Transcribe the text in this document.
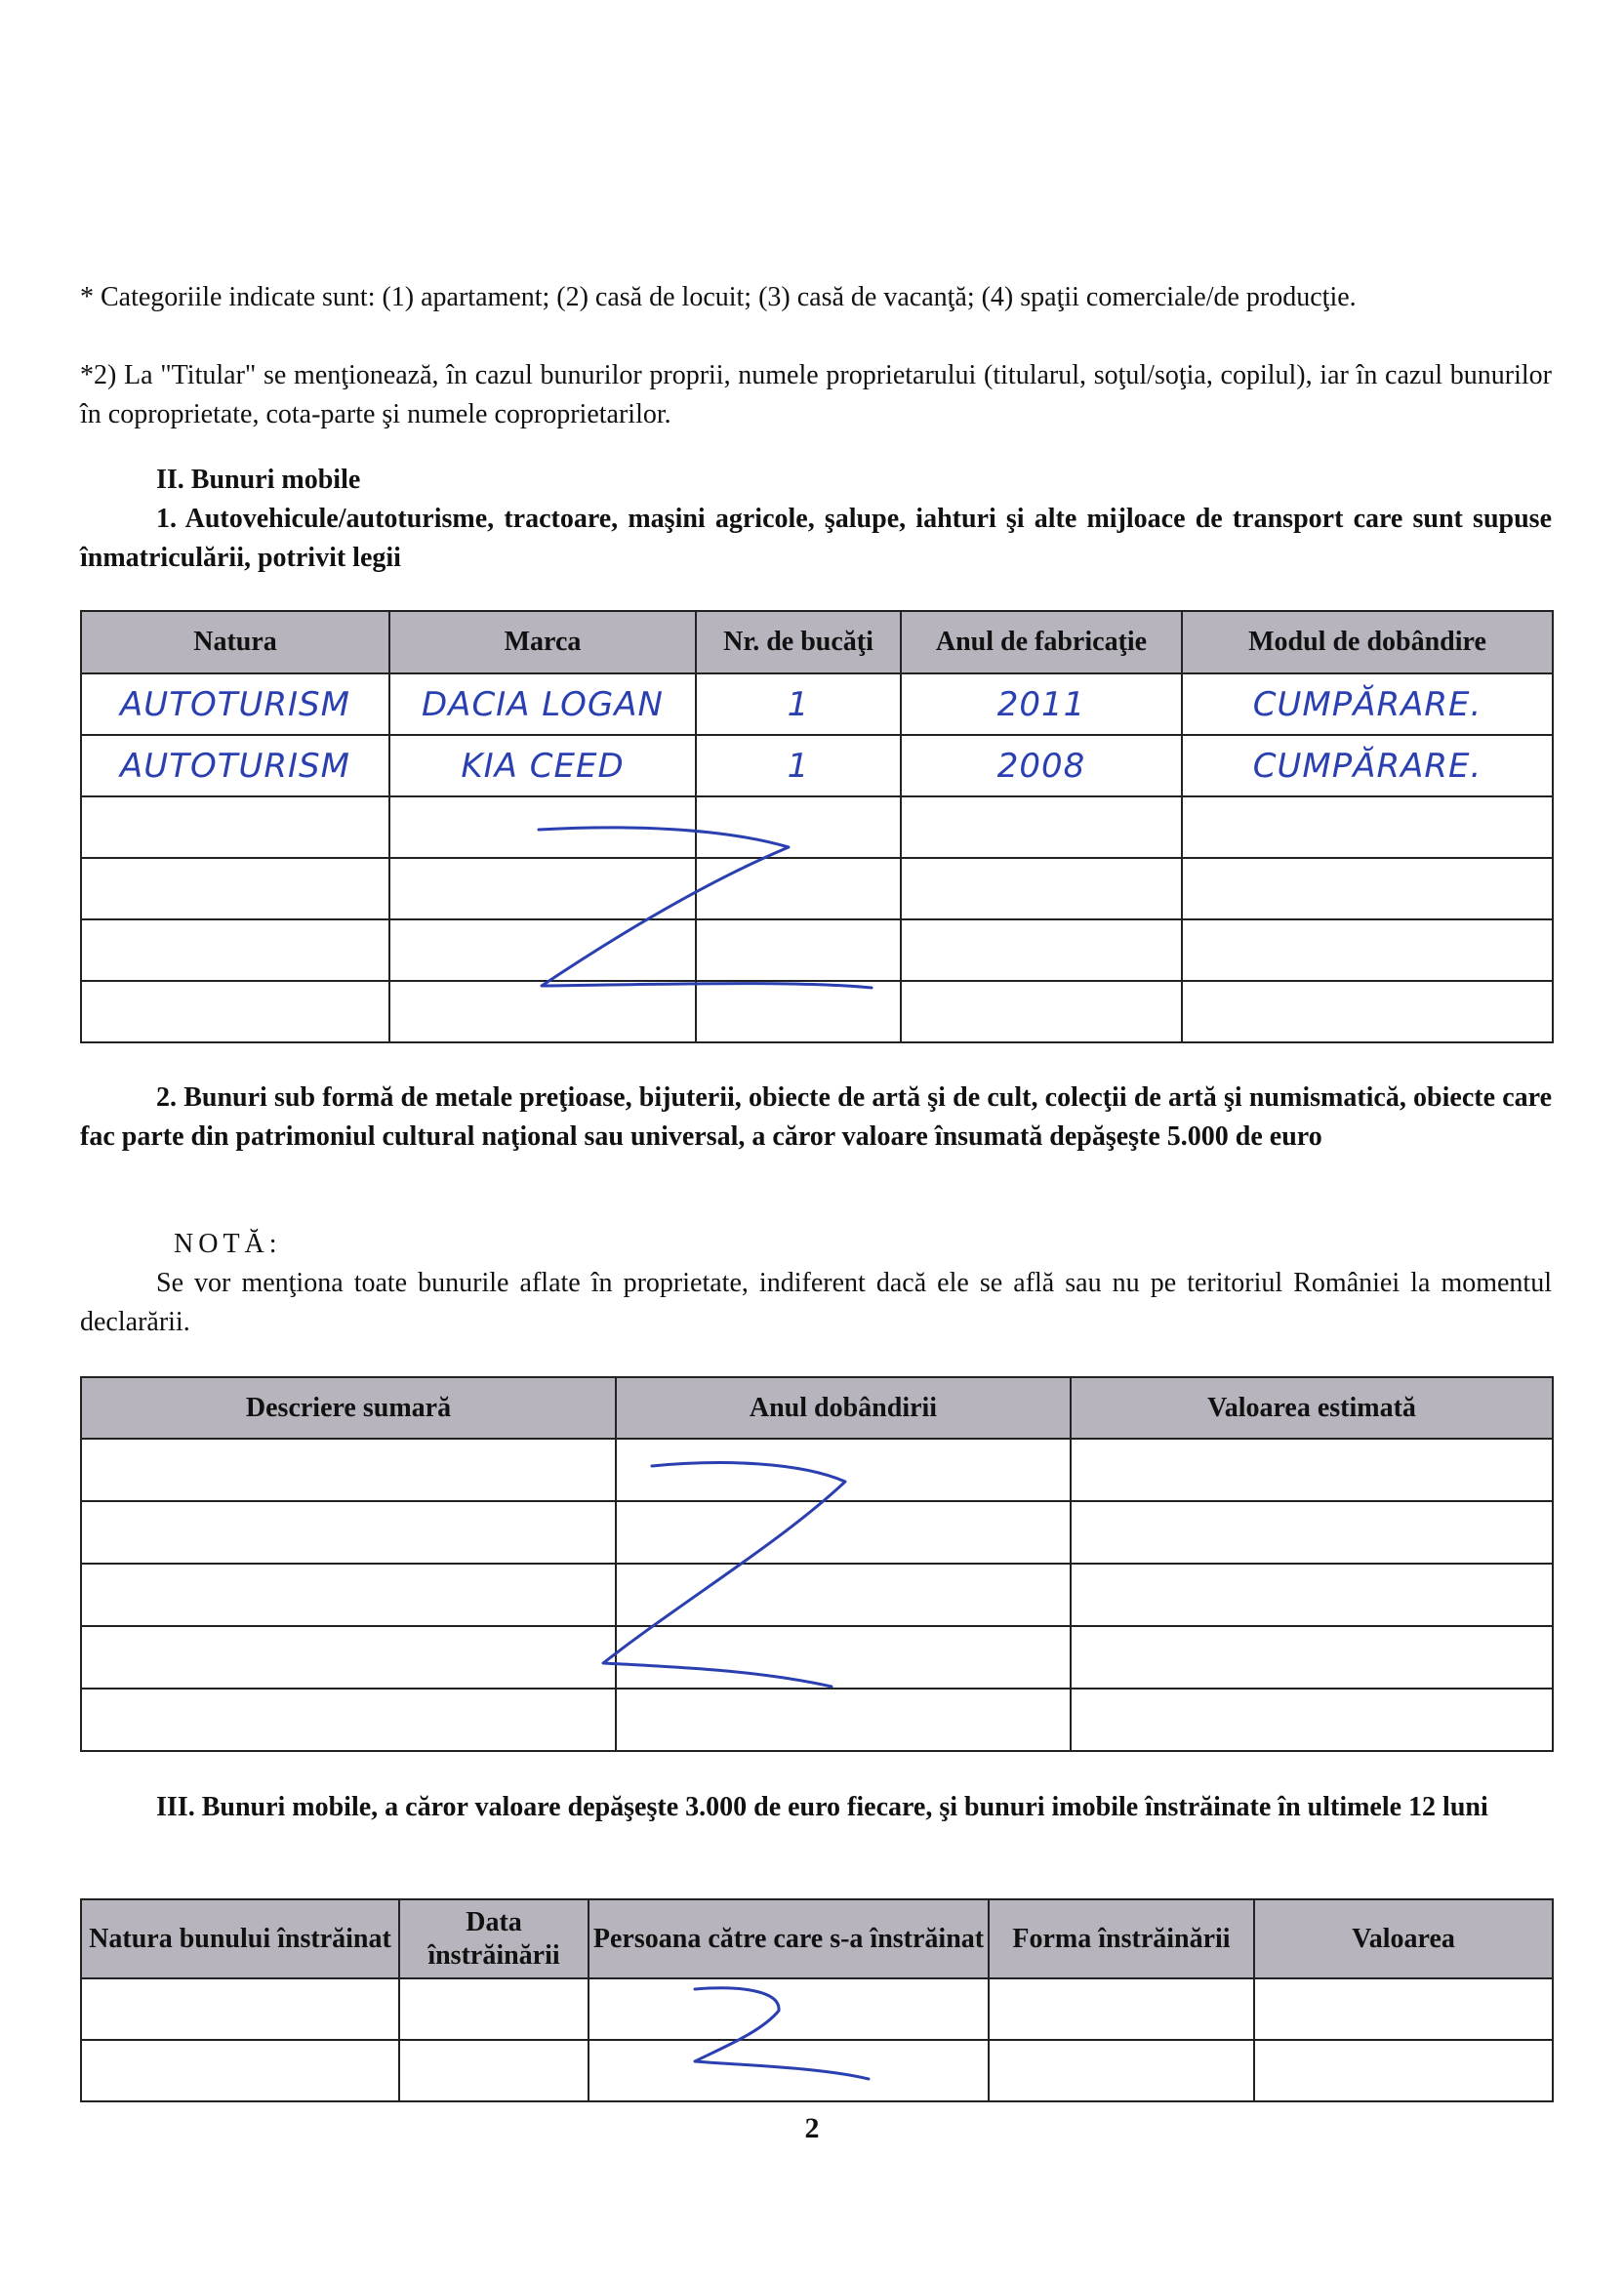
* Categoriile indicate sunt: (1) apartament; (2) casă de locuit; (3) casă de vacanţă; (4) spaţii comerciale/de producţie.
*2) La "Titular" se menţionează, în cazul bunurilor proprii, numele proprietarului (titularul, soţul/soţia, copilul), iar în cazul bunurilor în coproprietate, cota-parte şi numele coproprietarilor.
II. Bunuri mobile
1. Autovehicule/autoturisme, tractoare, maşini agricole, şalupe, iahturi şi alte mijloace de transport care sunt supuse înmatriculării, potrivit legii
Natura	Marca	Nr. de bucăţi	Anul de fabricaţie	Modul de dobândire
AUTOTURISM	DACIA LOGAN	1	2011	CUMPĂRARE.
AUTOTURISM	KIA CEED	1	2008	CUMPĂRARE.

2. Bunuri sub formă de metale preţioase, bijuterii, obiecte de artă şi de cult, colecţii de artă şi numismatică, obiecte care fac parte din patrimoniul cultural naţional sau universal, a căror valoare însumată depăşeşte 5.000 de euro
NOTĂ:
Se vor menţiona toate bunurile aflate în proprietate, indiferent dacă ele se află sau nu pe teritoriul României la momentul declarării.
Descriere sumară	Anul dobândirii	Valoarea estimată

III. Bunuri mobile, a căror valoare depăşeşte 3.000 de euro fiecare, şi bunuri imobile înstrăinate în ultimele 12 luni
Natura bunului înstrăinat	Data înstrăinării	Persoana către care s-a înstrăinat	Forma înstrăinării	Valoarea

2
